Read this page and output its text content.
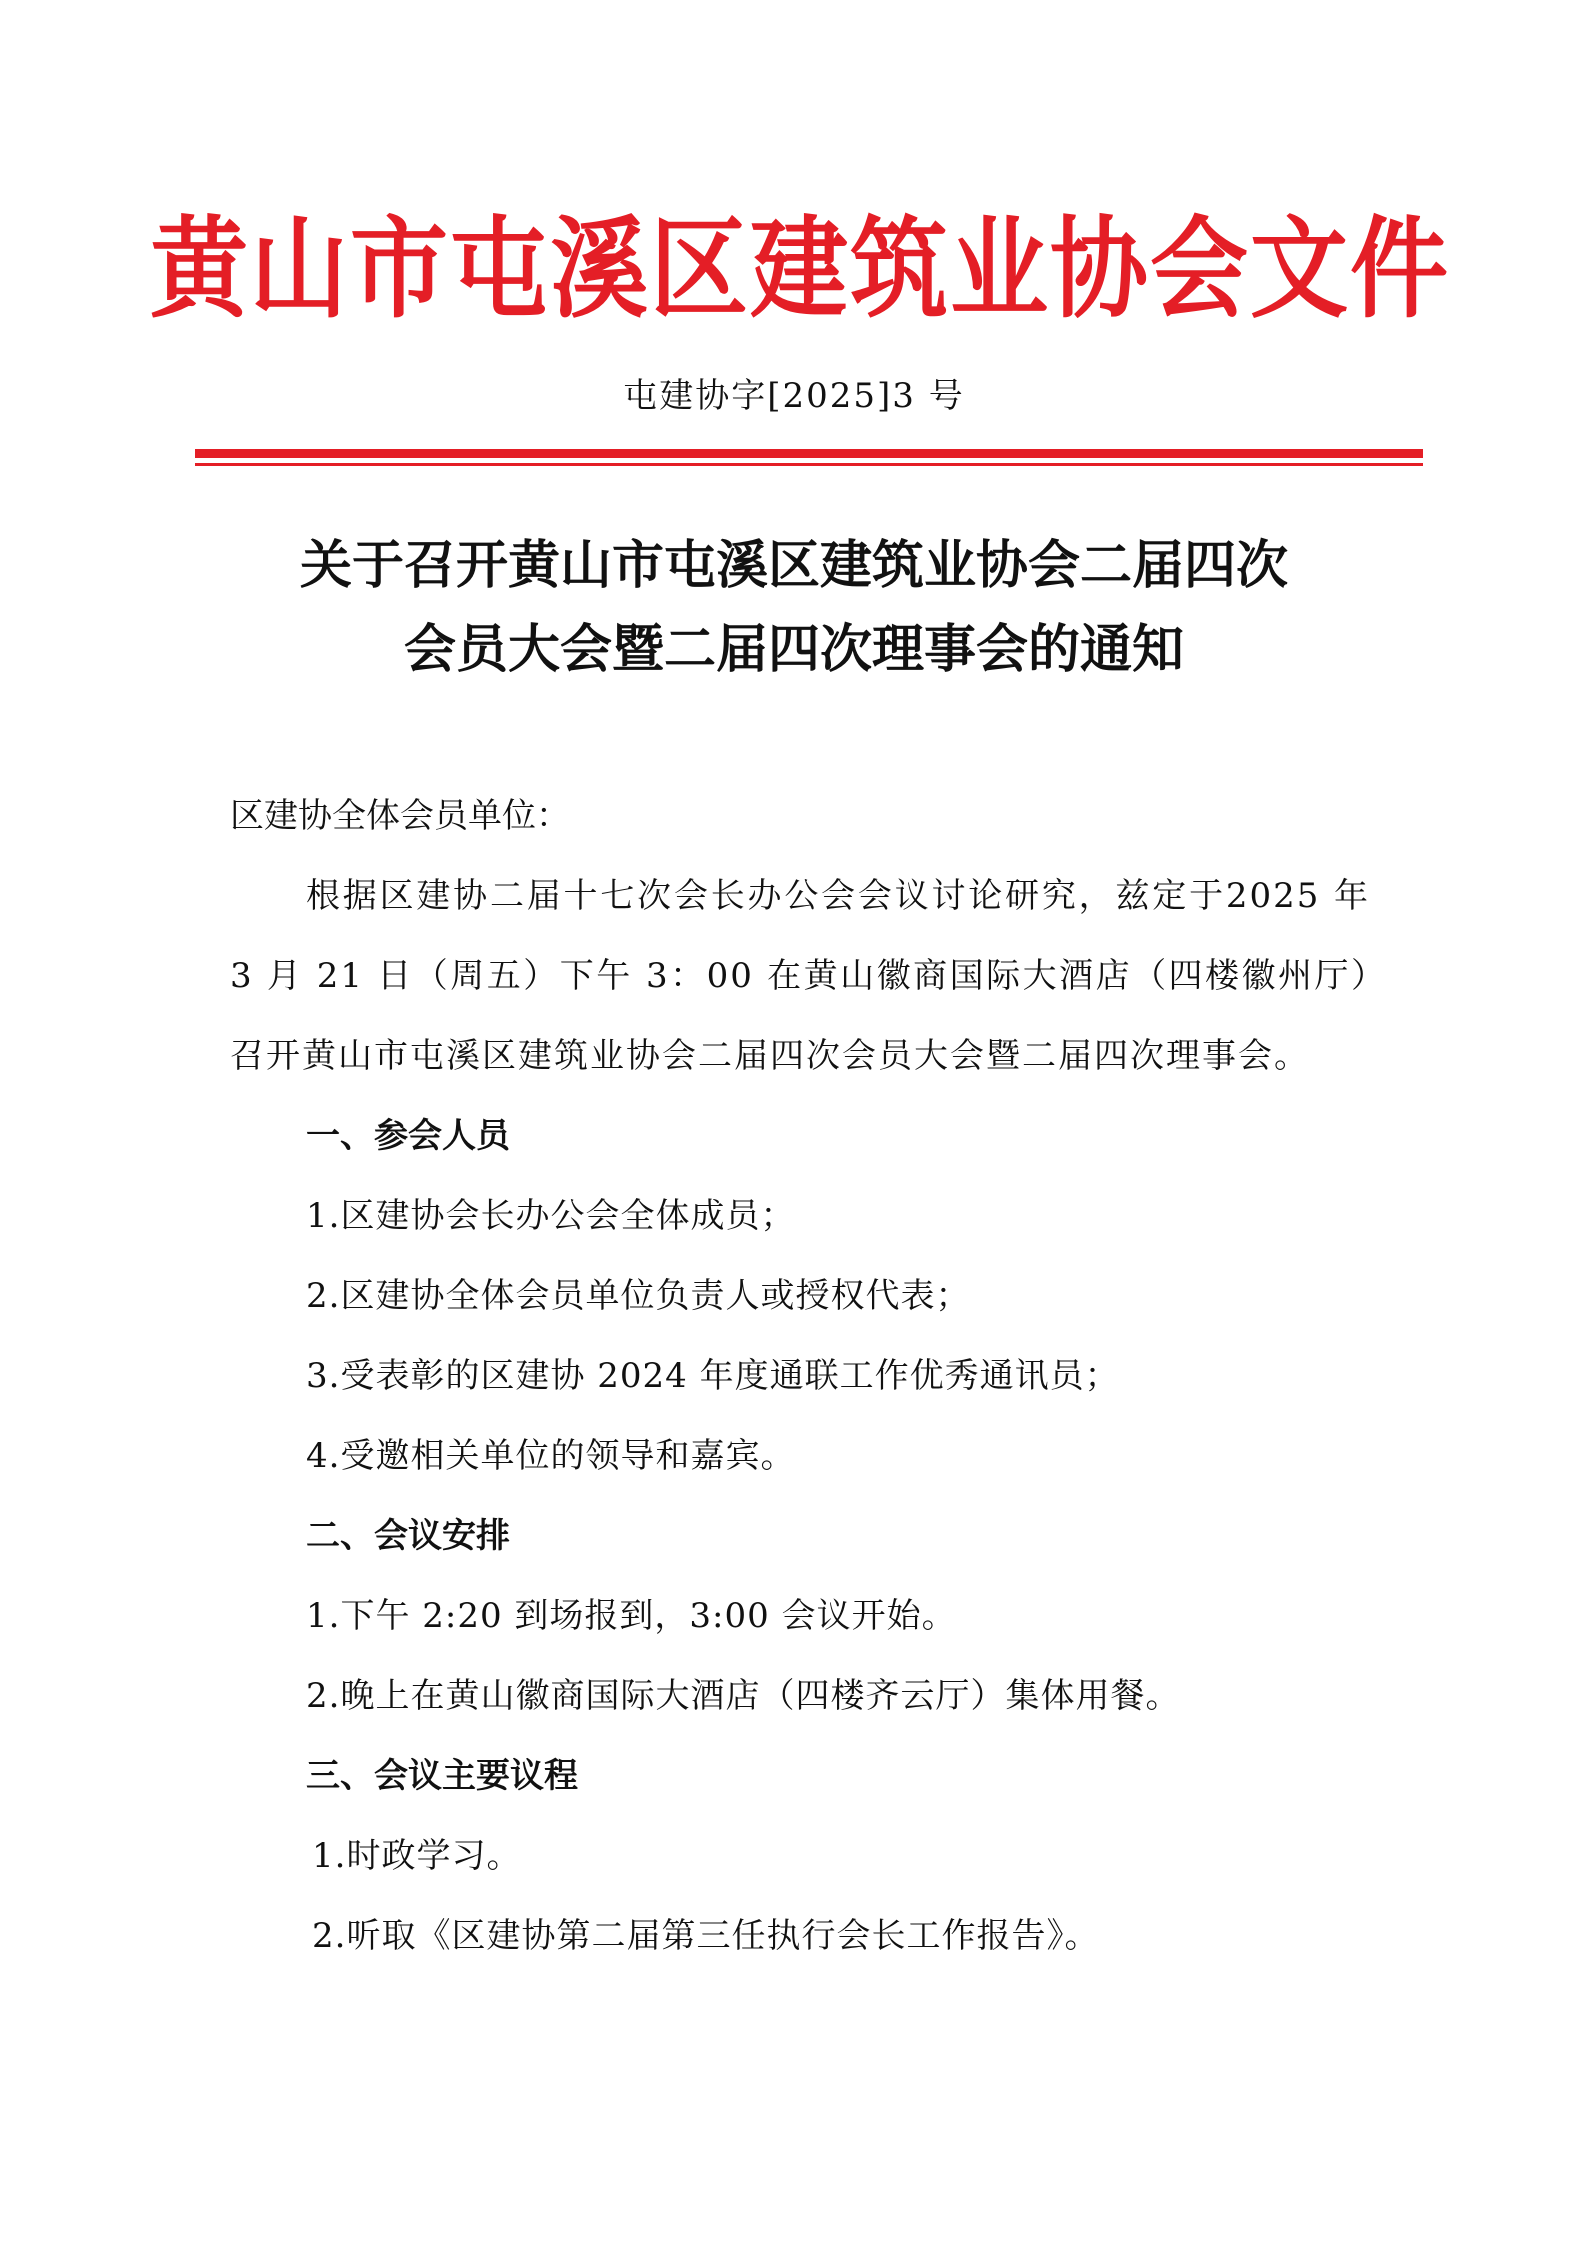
黄山市屯溪区建筑业协会文件
屯建协字[2025]3 号
关于召开黄山市屯溪区建筑业协会二届四次
会员大会暨二届四次理事会的通知

区建协全体会员单位：

根据区建协二届十七次会长办公会会议讨论研究，兹定于2025 年 3 月 21 日（周五）下午 3：00 在黄山徽商国际大酒店（四楼徽州厅）召开黄山市屯溪区建筑业协会二届四次会员大会暨二届四次理事会。

一、参会人员

1.区建协会长办公会全体成员；

2.区建协全体会员单位负责人或授权代表；

3.受表彰的区建协 2024 年度通联工作优秀通讯员；

4.受邀相关单位的领导和嘉宾。

二、会议安排

1.下午 2:20 到场报到，3:00 会议开始。

2.晚上在黄山徽商国际大酒店（四楼齐云厅）集体用餐。

三、会议主要议程

1.时政学习。

2.听取《区建协第二届第三任执行会长工作报告》。
